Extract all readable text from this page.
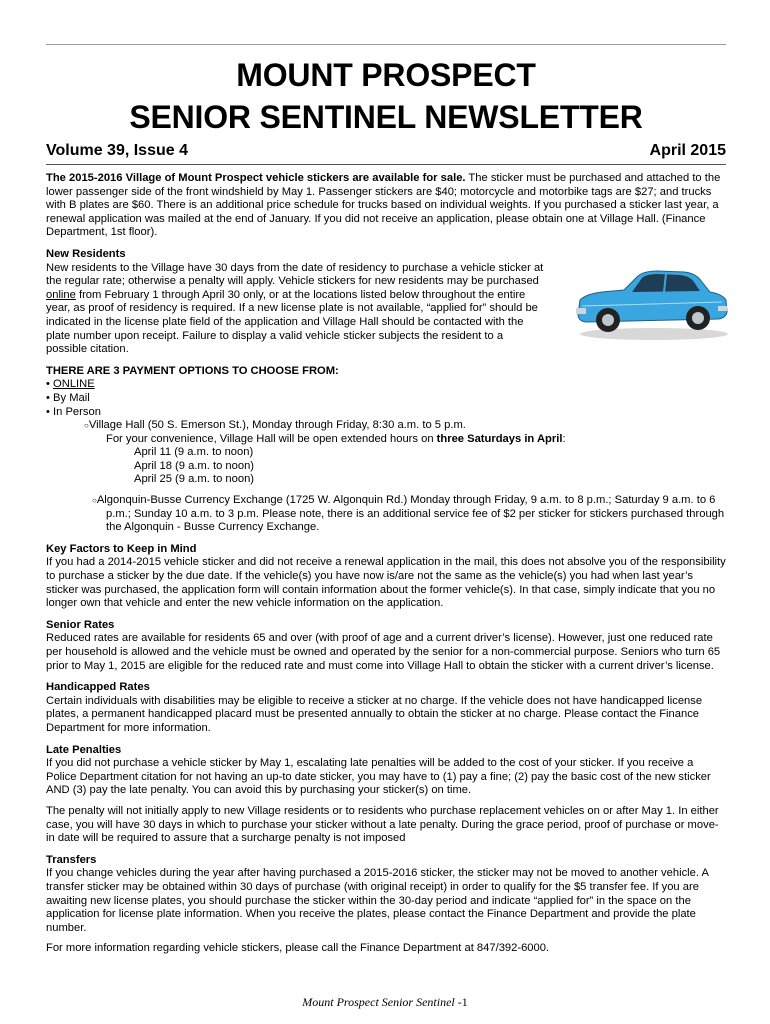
MOUNT PROSPECT
SENIOR SENTINEL NEWSLETTER
Volume 39, Issue 4	April 2015

The 2015-2016 Village of Mount Prospect vehicle stickers are available for sale. The sticker must be purchased and attached to the lower passenger side of the front windshield by May 1. Passenger stickers are $40; motorcycle and motorbike tags are $27; and trucks with B plates are $60. There is an additional price schedule for trucks based on individual weights. If you purchased a sticker last year, a renewal application was mailed at the end of January. If you did not receive an application, please obtain one at Village Hall. (Finance Department, 1st floor).

New Residents

New residents to the Village have 30 days from the date of residency to purchase a vehicle sticker at the regular rate; otherwise a penalty will apply. Vehicle stickers for new residents may be purchased online from February 1 through April 30 only, or at the locations listed below throughout the entire year, as proof of residency is required. If a new license plate is not available, “applied for” should be indicated in the license plate field of the application and Village Hall should be contacted with the plate number upon receipt. Failure to display a valid vehicle sticker subjects the resident to a possible citation.

THERE ARE 3 PAYMENT OPTIONS TO CHOOSE FROM:
• ONLINE
• By Mail
• In Person
○Village Hall (50 S. Emerson St.), Monday through Friday, 8:30 a.m. to 5 p.m.
For your convenience, Village Hall will be open extended hours on three Saturdays in April:
April 11 (9 a.m. to noon)
April 18 (9 a.m. to noon)
April 25 (9 a.m. to noon)
○Algonquin-Busse Currency Exchange (1725 W. Algonquin Rd.) Monday through Friday, 9 a.m. to 8 p.m.; Saturday 9 a.m. to 6 p.m.; Sunday 10 a.m. to 3 p.m. Please note, there is an additional service fee of $2 per sticker for stickers purchased through the Algonquin - Busse Currency Exchange.
Key Factors to Keep in Mind

If you had a 2014-2015 vehicle sticker and did not receive a renewal application in the mail, this does not absolve you of the responsibility to purchase a sticker by the due date. If the vehicle(s) you have now is/are not the same as the vehicle(s) you had when last year’s sticker was purchased, the application form will contain information about the former vehicle(s). In that case, simply indicate that you no longer own that vehicle and enter the new vehicle information on the application.

Senior Rates

Reduced rates are available for residents 65 and over (with proof of age and a current driver’s license). However, just one reduced rate per household is allowed and the vehicle must be owned and operated by the senior for a non-commercial purpose. Seniors who turn 65 prior to May 1, 2015 are eligible for the reduced rate and must come into Village Hall to obtain the sticker with a current driver’s license.

Handicapped Rates

Certain individuals with disabilities may be eligible to receive a sticker at no charge. If the vehicle does not have handicapped license plates, a permanent handicapped placard must be presented annually to obtain the sticker at no charge. Please contact the Finance Department for more information.

Late Penalties

If you did not purchase a vehicle sticker by May 1, escalating late penalties will be added to the cost of your sticker. If you receive a Police Department citation for not having an up-to date sticker, you may have to (1) pay a fine; (2) pay the basic cost of the new sticker AND (3) pay the late penalty. You can avoid this by purchasing your sticker(s) on time.

The penalty will not initially apply to new Village residents or to residents who purchase replacement vehicles on or after May 1. In either case, you will have 30 days in which to purchase your sticker without a late penalty. During the grace period, proof of purchase or move-in date will be required to assure that a surcharge penalty is not imposed

Transfers

If you change vehicles during the year after having purchased a 2015-2016 sticker, the sticker may not be moved to another vehicle. A transfer sticker may be obtained within 30 days of purchase (with original receipt) in order to qualify for the $5 transfer fee. If you are awaiting new license plates, you should purchase the sticker within the 30-day period and indicate “applied for” in the space on the application for license plate information. When you receive the plates, please contact the Finance Department and provide the plate number.

For more information regarding vehicle stickers, please call the Finance Department at 847/392-6000.

Mount Prospect Senior Sentinel -1
